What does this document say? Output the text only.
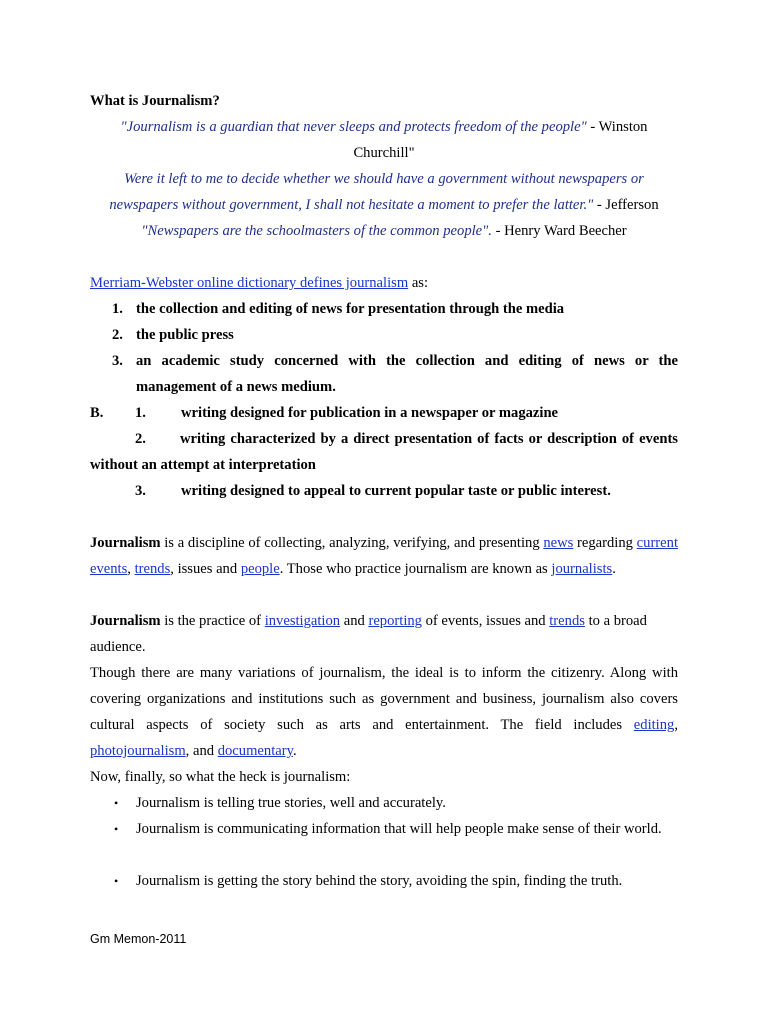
What is Journalism?
"Journalism is a guardian that never sleeps and protects freedom of the people" - Winston Churchill"
Were it left to me to decide whether we should have a government without newspapers or newspapers without government, I shall not hesitate a moment to prefer the latter." - Jefferson
"Newspapers are the schoolmasters of the common people". - Henry Ward Beecher
Merriam-Webster online dictionary defines journalism as:
1. the collection and editing of news for presentation through the media
2. the public press
3. an academic study concerned with the collection and editing of news or the management of a news medium.
B. 1. writing designed for publication in a newspaper or magazine
2. writing characterized by a direct presentation of facts or description of events without an attempt at interpretation
3. writing designed to appeal to current popular taste or public interest.
Journalism is a discipline of collecting, analyzing, verifying, and presenting news regarding current events, trends, issues and people. Those who practice journalism are known as journalists.
Journalism is the practice of investigation and reporting of events, issues and trends to a broad audience.
Though there are many variations of journalism, the ideal is to inform the citizenry. Along with covering organizations and institutions such as government and business, journalism also covers cultural aspects of society such as arts and entertainment. The field includes editing, photojournalism, and documentary.
Now, finally, so what the heck is journalism:
• Journalism is telling true stories, well and accurately.
• Journalism is communicating information that will help people make sense of their world.
• Journalism is getting the story behind the story, avoiding the spin, finding the truth.
Gm Memon-2011
